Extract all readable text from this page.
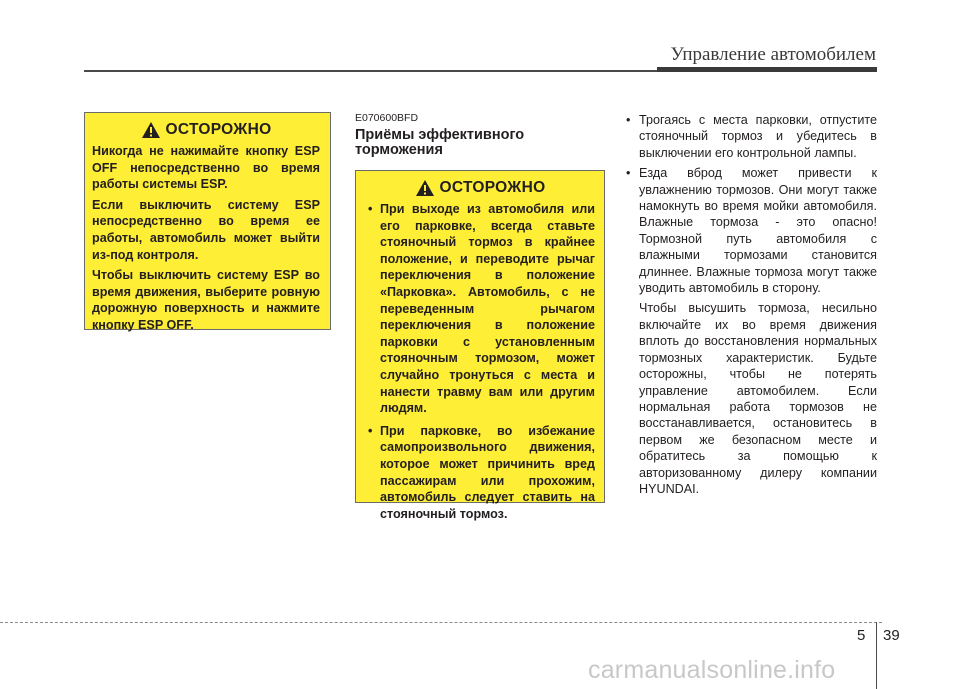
Управление автомобилем
ОСТОРОЖНО

Никогда не нажимайте кнопку ESP OFF непосредственно во время работы системы ESP.

Если выключить систему ESP непосредственно во время ее работы, автомобиль может выйти из-под контроля.

Чтобы выключить систему ESP во время движения, выберите ровную дорожную поверхность и нажмите кнопку ESP OFF.

E070600BFD
Приёмы эффективного торможения
ОСТОРОЖНО
• При выходе из автомобиля или его парковке, всегда ставьте стояночный тормоз в крайнее положение, и переводите рычаг переключения в положение «Парковка». Автомобиль, с не переведенным рычагом переключения в положение парковки с установленным стояночным тормозом, может случайно тронуться с места и нанести травму вам или другим людям.
• При парковке, во избежание самопроизвольного движения, которое может причинить вред пассажирам или прохожим, автомобиль следует ставить на стояночный тормоз.
• Трогаясь с места парковки, отпустите стояночный тормоз и убедитесь в выключении его контрольной лампы.
• Езда вброд может привести к увлажнению тормозов. Они могут также намокнуть во время мойки автомобиля. Влажные тормоза - это опасно! Тормозной путь автомобиля с влажными тормозами становится длиннее. Влажные тормоза могут также уводить автомобиль в сторону.
Чтобы высушить тормоза, несильно включайте их во время движения вплоть до восстановления нормальных тормозных характеристик. Будьте осторожны, чтобы не потерять управление автомобилем. Если нормальная работа тормозов не восстанавливается, остановитесь в первом же безопасном месте и обратитесь за помощью к авторизованному дилеру компании HYUNDAI.
5 39
carmanualsonline.info
